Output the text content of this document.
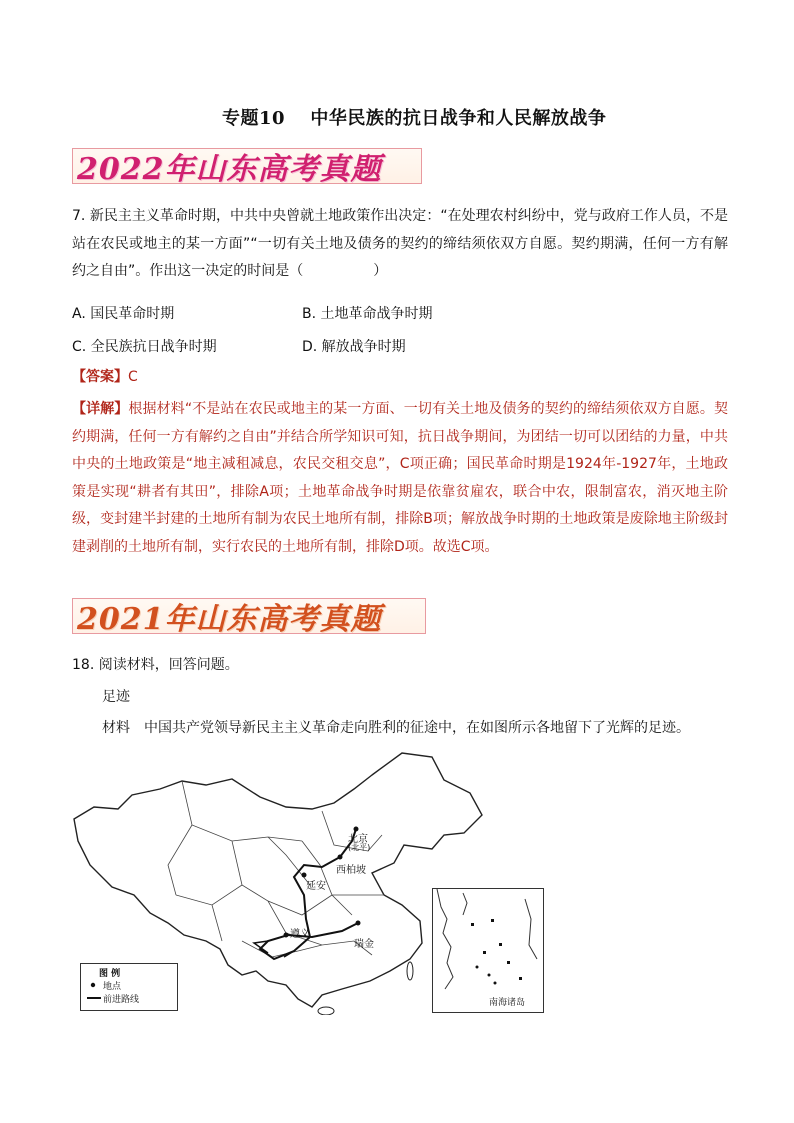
专题10　 中华民族的抗日战争和人民解放战争
2022年山东高考真题
7. 新民主主义革命时期，中共中央曾就土地政策作出决定：“在处理农村纠纷中，党与政府工作人员，不是站在农民或地主的某一方面”“一切有关土地及债务的契约的缔结须依双方自愿。契约期满，任何一方有解约之自由”。作出这一决定的时间是（　　　　　）
A. 国民革命时期	B. 土地革命战争时期
C. 全民族抗日战争时期	D. 解放战争时期
【答案】C
【详解】根据材料“不是站在农民或地主的某一方面、一切有关土地及债务的契约的缔结须依双方自愿。契约期满，任何一方有解约之自由”并结合所学知识可知，抗日战争期间，为团结一切可以团结的力量，中共中央的土地政策是“地主减租减息，农民交租交息”，C项正确；国民革命时期是1924年-1927年，土地政策是实现“耕者有其田”，排除A项；土地革命战争时期是依靠贫雇农，联合中农，限制富农，消灭地主阶级，变封建半封建的土地所有制为农民土地所有制，排除B项；解放战争时期的土地政策是废除地主阶级封建剥削的土地所有制，实行农民的土地所有制，排除D项。故选C项。
2021年山东高考真题
18. 阅读材料，回答问题。
足迹
材料　中国共产党领导新民主主义革命走向胜利的征途中，在如图所示各地留下了光辉的足迹。
北京
(北平)
西柏坡
延安
遵义
瑞金
南海诸岛
图 例
地点
前进路线
